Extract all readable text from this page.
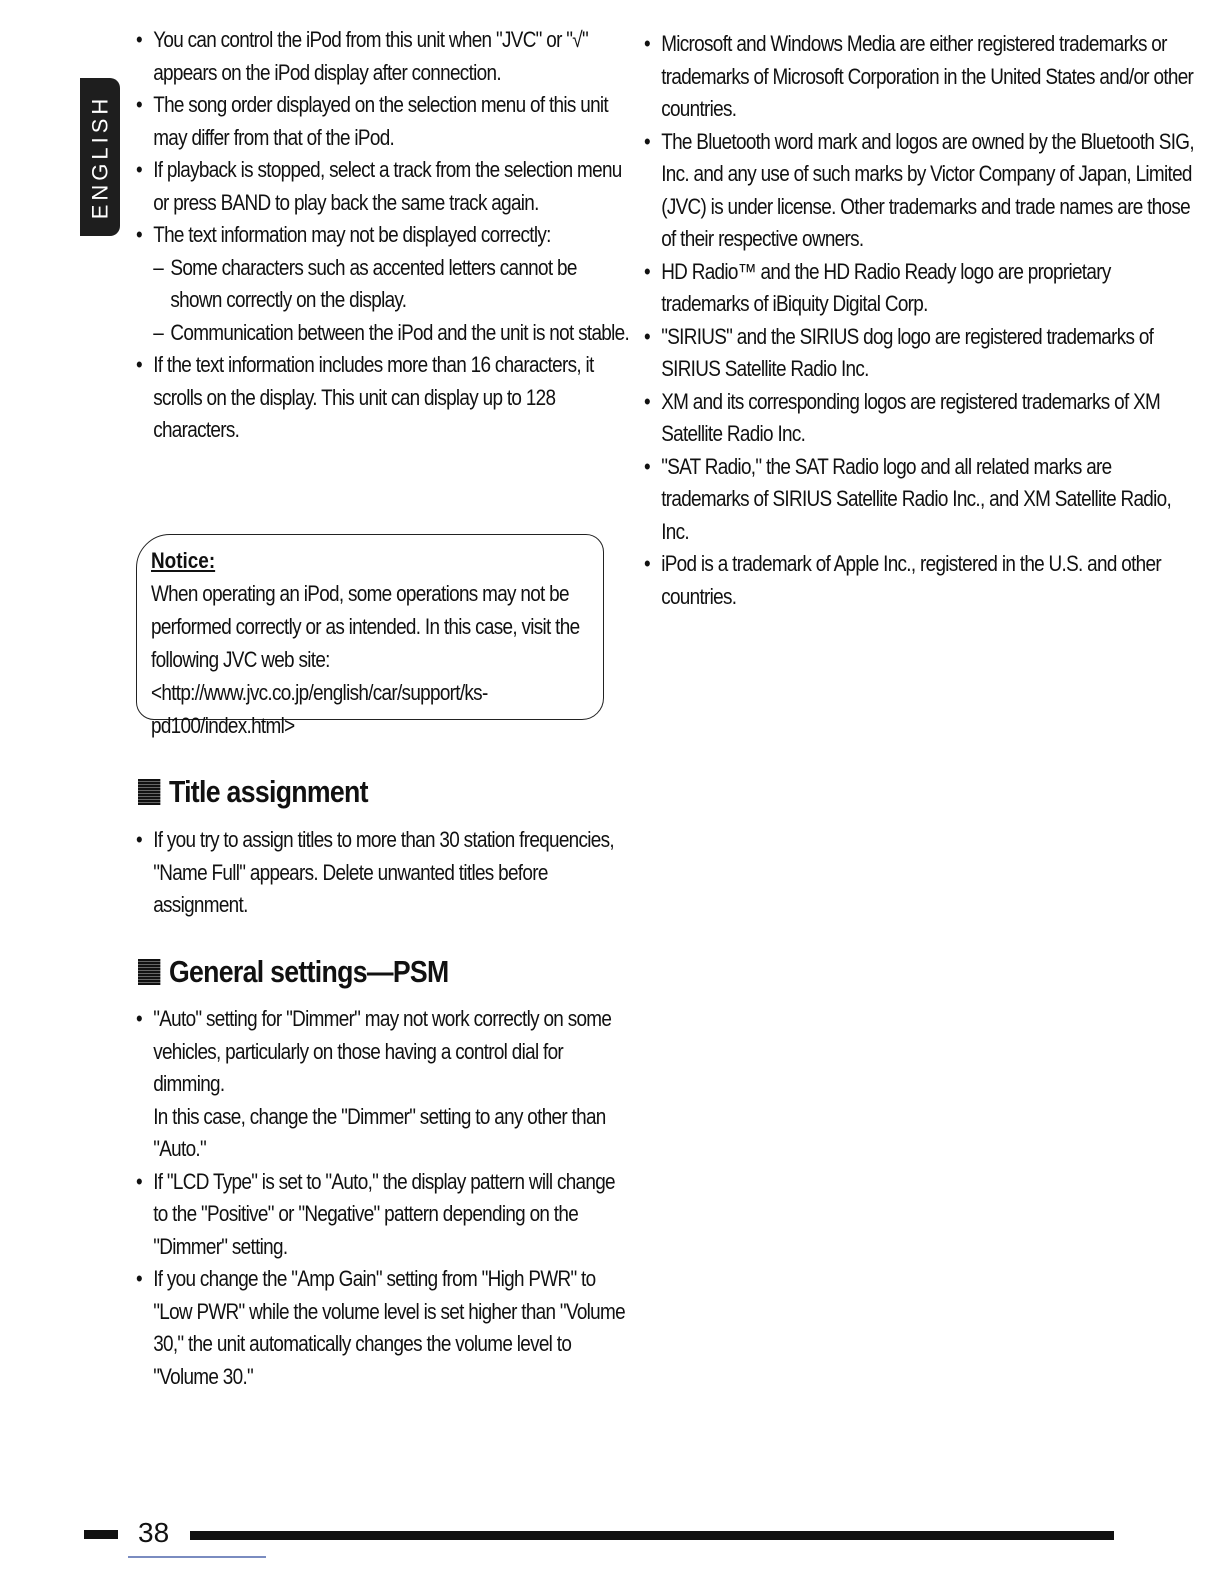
ENGLISH
• You can control the iPod from this unit when "JVC" or "√" appears on the iPod display after connection.
• The song order displayed on the selection menu of this unit may differ from that of the iPod.
• If playback is stopped, select a track from the selection menu or press BAND to play back the same track again.
• The text information may not be displayed correctly:
– Some characters such as accented letters cannot be shown correctly on the display.
– Communication between the iPod and the unit is not stable.
• If the text information includes more than 16 characters, it scrolls on the display. This unit can display up to 128 characters.
Notice:
When operating an iPod, some operations may not be performed correctly or as intended. In this case, visit the following JVC web site: <http://www.jvc.co.jp/english/car/support/ks-pd100/index.html>
Title assignment
• If you try to assign titles to more than 30 station frequencies, "Name Full" appears. Delete unwanted titles before assignment.
General settings—PSM
• "Auto" setting for "Dimmer" may not work correctly on some vehicles, particularly on those having a control dial for dimming.
In this case, change the "Dimmer" setting to any other than "Auto."
• If "LCD Type" is set to "Auto," the display pattern will change to the "Positive" or "Negative" pattern depending on the "Dimmer" setting.
• If you change the "Amp Gain" setting from "High PWR" to "Low PWR" while the volume level is set higher than "Volume 30," the unit automatically changes the volume level to "Volume 30."
• Microsoft and Windows Media are either registered trademarks or trademarks of Microsoft Corporation in the United States and/or other countries.
• The Bluetooth word mark and logos are owned by the Bluetooth SIG, Inc. and any use of such marks by Victor Company of Japan, Limited (JVC) is under license. Other trademarks and trade names are those of their respective owners.
• HD Radio™ and the HD Radio Ready logo are proprietary trademarks of iBiquity Digital Corp.
• "SIRIUS" and the SIRIUS dog logo are registered trademarks of SIRIUS Satellite Radio Inc.
• XM and its corresponding logos are registered trademarks of XM Satellite Radio Inc.
• "SAT Radio," the SAT Radio logo and all related marks are trademarks of SIRIUS Satellite Radio Inc., and XM Satellite Radio, Inc.
• iPod is a trademark of Apple Inc., registered in the U.S. and other countries.
38
